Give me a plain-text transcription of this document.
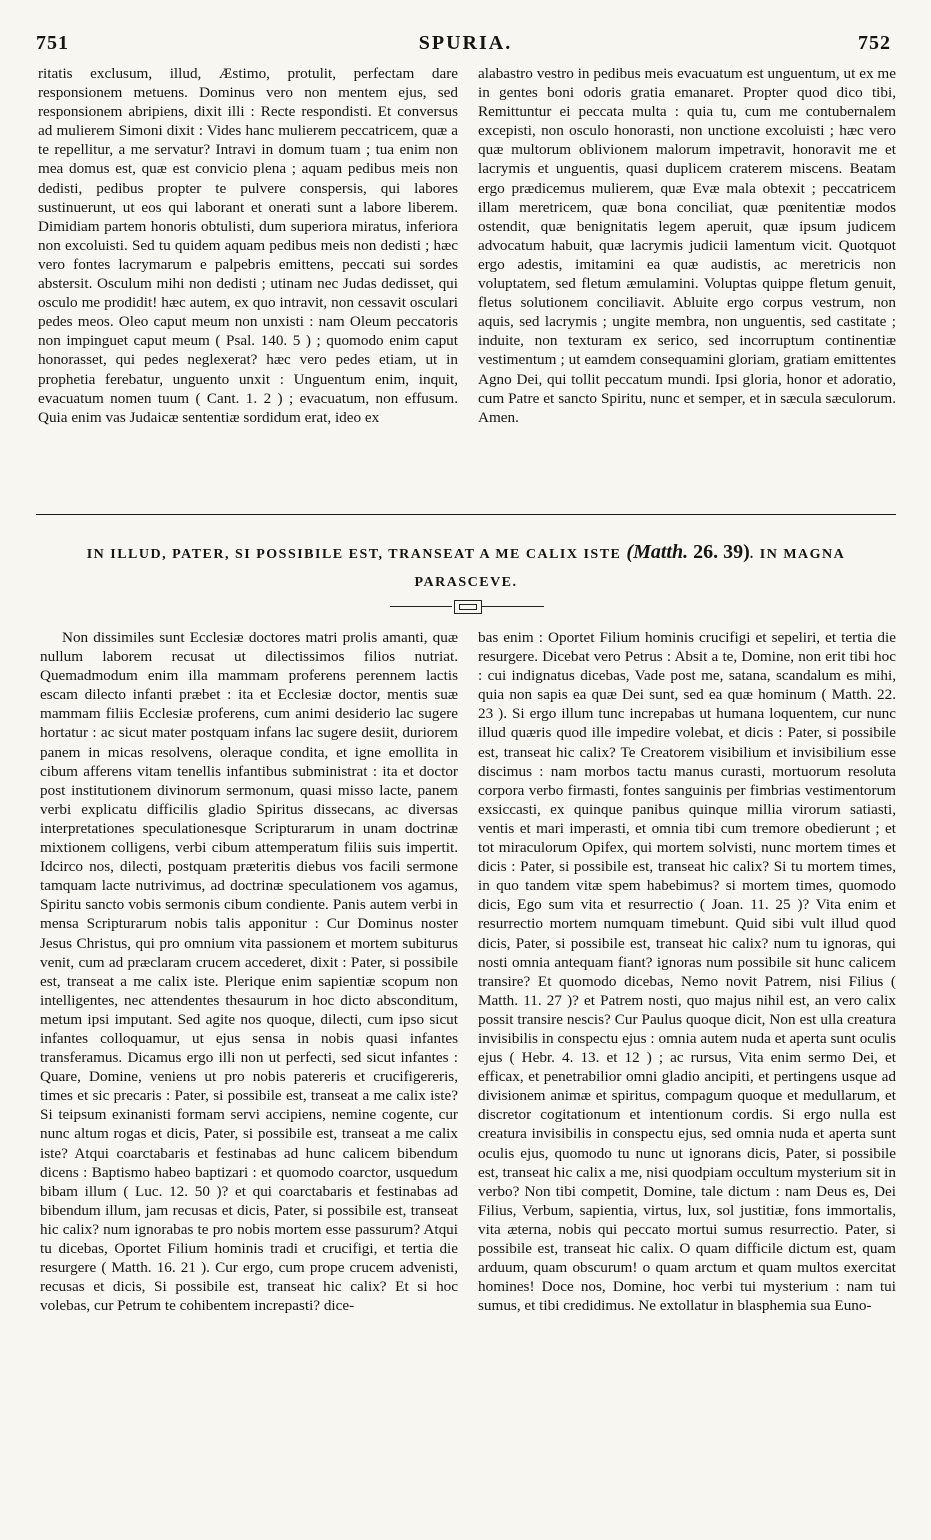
751	SPURIA.	752

ritatis exclusum, illud, Æstimo, protulit, perfectam dare responsionem metuens. Dominus vero non mentem ejus, sed responsionem abripiens, dixit illi : Recte respondisti. Et conversus ad mulierem Simoni dixit : Vides hanc mulierem peccatricem, quæ a te repellitur, a me servatur? Intravi in domum tuam ; tua enim non mea domus est, quæ est convicio plena ; aquam pedibus meis non dedisti, pedibus propter te pulvere conspersis, qui labores sustinuerunt, ut eos qui laborant et onerati sunt a labore liberem. Dimidiam partem honoris obtulisti, dum superiora miratus, inferiora non excoluisti. Sed tu quidem aquam pedibus meis non dedisti ; hæc vero fontes lacrymarum e palpebris emittens, peccati sui sordes abstersit. Osculum mihi non dedisti ; utinam nec Judas dedisset, qui osculo me prodidit! hæc autem, ex quo intravit, non cessavit osculari pedes meos. Oleo caput meum non unxisti : nam Oleum peccatoris non impinguet caput meum ( Psal. 140. 5 ) ; quomodo enim caput honorasset, qui pedes neglexerat? hæc vero pedes etiam, ut in prophetia ferebatur, unguento unxit : Unguentum enim, inquit, evacuatum nomen tuum ( Cant. 1. 2 ) ; evacuatum, non effusum. Quia enim vas Judaicæ sententiæ sordidum erat, ideo ex

alabastro vestro in pedibus meis evacuatum est unguentum, ut ex me in gentes boni odoris gratia emanaret. Propter quod dico tibi, Remittuntur ei peccata multa : quia tu, cum me contubernalem excepisti, non osculo honorasti, non unctione excoluisti ; hæc vero quæ multorum oblivionem malorum impetravit, honoravit me et lacrymis et unguentis, quasi duplicem craterem miscens. Beatam ergo prædicemus mulierem, quæ Evæ mala obtexit ; peccatricem illam meretricem, quæ bona conciliat, quæ pœnitentiæ modos ostendit, quæ benignitatis legem aperuit, quæ ipsum judicem advocatum habuit, quæ lacrymis judicii lamentum vicit. Quotquot ergo adestis, imitamini ea quæ audistis, ac meretricis non voluptatem, sed fletum æmulamini. Voluptas quippe fletum genuit, fletus solutionem conciliavit. Abluite ergo corpus vestrum, non aquis, sed lacrymis ; ungite membra, non unguentis, sed castitate ; induite, non texturam ex serico, sed incorruptum continentiæ vestimentum ; ut eamdem consequamini gloriam, gratiam emittentes Agno Dei, qui tollit peccatum mundi. Ipsi gloria, honor et adoratio, cum Patre et sancto Spiritu, nunc et semper, et in sæcula sæculorum. Amen.

IN ILLUD, PATER, SI POSSIBILE EST, TRANSEAT A ME CALIX ISTE (Matth. 26. 39). IN MAGNA
PARASCEVE.

Non dissimiles sunt Ecclesiæ doctores matri prolis amanti, quæ nullum laborem recusat ut dilectissimos filios nutriat. Quemadmodum enim illa mammam proferens perennem lactis escam dilecto infanti præbet : ita et Ecclesiæ doctor, mentis suæ mammam filiis Ecclesiæ proferens, cum animi desiderio lac sugere hortatur : ac sicut mater postquam infans lac sugere desiit, duriorem panem in micas resolvens, oleraque condita, et igne emollita in cibum afferens vitam tenellis infantibus subministrat : ita et doctor post institutionem divinorum sermonum, quasi misso lacte, panem verbi explicatu difficilis gladio Spiritus dissecans, ac diversas interpretationes speculationesque Scripturarum in unam doctrinæ mixtionem colligens, verbi cibum attemperatum filiis suis impertit. Idcirco nos, dilecti, postquam præteritis diebus vos facili sermone tamquam lacte nutrivimus, ad doctrinæ speculationem vos agamus, Spiritu sancto vobis sermonis cibum condiente. Panis autem verbi in mensa Scripturarum nobis talis apponitur : Cur Dominus noster Jesus Christus, qui pro omnium vita passionem et mortem subiturus venit, cum ad præclaram crucem accederet, dixit : Pater, si possibile est, transeat a me calix iste. Plerique enim sapientiæ scopum non intelligentes, nec attendentes thesaurum in hoc dicto absconditum, metum ipsi imputant. Sed agite nos quoque, dilecti, cum ipso sicut infantes colloquamur, ut ejus sensa in nobis quasi infantes transferamus. Dicamus ergo illi non ut perfecti, sed sicut infantes : Quare, Domine, veniens ut pro nobis patereris et crucifigereris, times et sic precaris : Pater, si possibile est, transeat a me calix iste? Si teipsum exinanisti formam servi accipiens, nemine cogente, cur nunc altum rogas et dicis, Pater, si possibile est, transeat a me calix iste? Atqui coarctabaris et festinabas ad hunc calicem bibendum dicens : Baptismo habeo baptizari : et quomodo coarctor, usquedum bibam illum ( Luc. 12. 50 )? et qui coarctabaris et festinabas ad bibendum illum, jam recusas et dicis, Pater, si possibile est, transeat hic calix? num ignorabas te pro nobis mortem esse passurum? Atqui tu dicebas, Oportet Filium hominis tradi et crucifigi, et tertia die resurgere ( Matth. 16. 21 ). Cur ergo, cum prope crucem advenisti, recusas et dicis, Si possibile est, transeat hic calix? Et si hoc volebas, cur Petrum te cohibentem increpasti? dice-

bas enim : Oportet Filium hominis crucifigi et sepeliri, et tertia die resurgere. Dicebat vero Petrus : Absit a te, Domine, non erit tibi hoc : cui indignatus dicebas, Vade post me, satana, scandalum es mihi, quia non sapis ea quæ Dei sunt, sed ea quæ hominum ( Matth. 22. 23 ). Si ergo illum tunc increpabas ut humana loquentem, cur nunc illud quæris quod ille impedire volebat, et dicis : Pater, si possibile est, transeat hic calix? Te Creatorem visibilium et invisibilium esse discimus : nam morbos tactu manus curasti, mortuorum resoluta corpora verbo firmasti, fontes sanguinis per fimbrias vestimentorum exsiccasti, ex quinque panibus quinque millia virorum satiasti, ventis et mari imperasti, et omnia tibi cum tremore obedierunt ; et tot miraculorum Opifex, qui mortem solvisti, nunc mortem times et dicis : Pater, si possibile est, transeat hic calix? Si tu mortem times, in quo tandem vitæ spem habebimus? si mortem times, quomodo dicis, Ego sum vita et resurrectio ( Joan. 11. 25 )? Vita enim et resurrectio mortem numquam timebunt. Quid sibi vult illud quod dicis, Pater, si possibile est, transeat hic calix? num tu ignoras, qui nosti omnia antequam fiant? ignoras num possibile sit hunc calicem transire? Et quomodo dicebas, Nemo novit Patrem, nisi Filius ( Matth. 11. 27 )? et Patrem nosti, quo majus nihil est, an vero calix possit transire nescis? Cur Paulus quoque dicit, Non est ulla creatura invisibilis in conspectu ejus : omnia autem nuda et aperta sunt oculis ejus ( Hebr. 4. 13. et 12 ) ; ac rursus, Vita enim sermo Dei, et efficax, et penetrabilior omni gladio ancipiti, et pertingens usque ad divisionem animæ et spiritus, compagum quoque et medullarum, et discretor cogitationum et intentionum cordis. Si ergo nulla est creatura invisibilis in conspectu ejus, sed omnia nuda et aperta sunt oculis ejus, quomodo tu nunc ut ignorans dicis, Pater, si possibile est, transeat hic calix a me, nisi quodpiam occultum mysterium sit in verbo? Non tibi competit, Domine, tale dictum : nam Deus es, Dei Filius, Verbum, sapientia, virtus, lux, sol justitiæ, fons immortalis, vita æterna, nobis qui peccato mortui sumus resurrectio. Pater, si possibile est, transeat hic calix. O quam difficile dictum est, quam arduum, quam obscurum! o quam arctum et quam multos exercitat homines! Doce nos, Domine, hoc verbi tui mysterium : nam tui sumus, et tibi credidimus. Ne extollatur in blasphemia sua Euno-
